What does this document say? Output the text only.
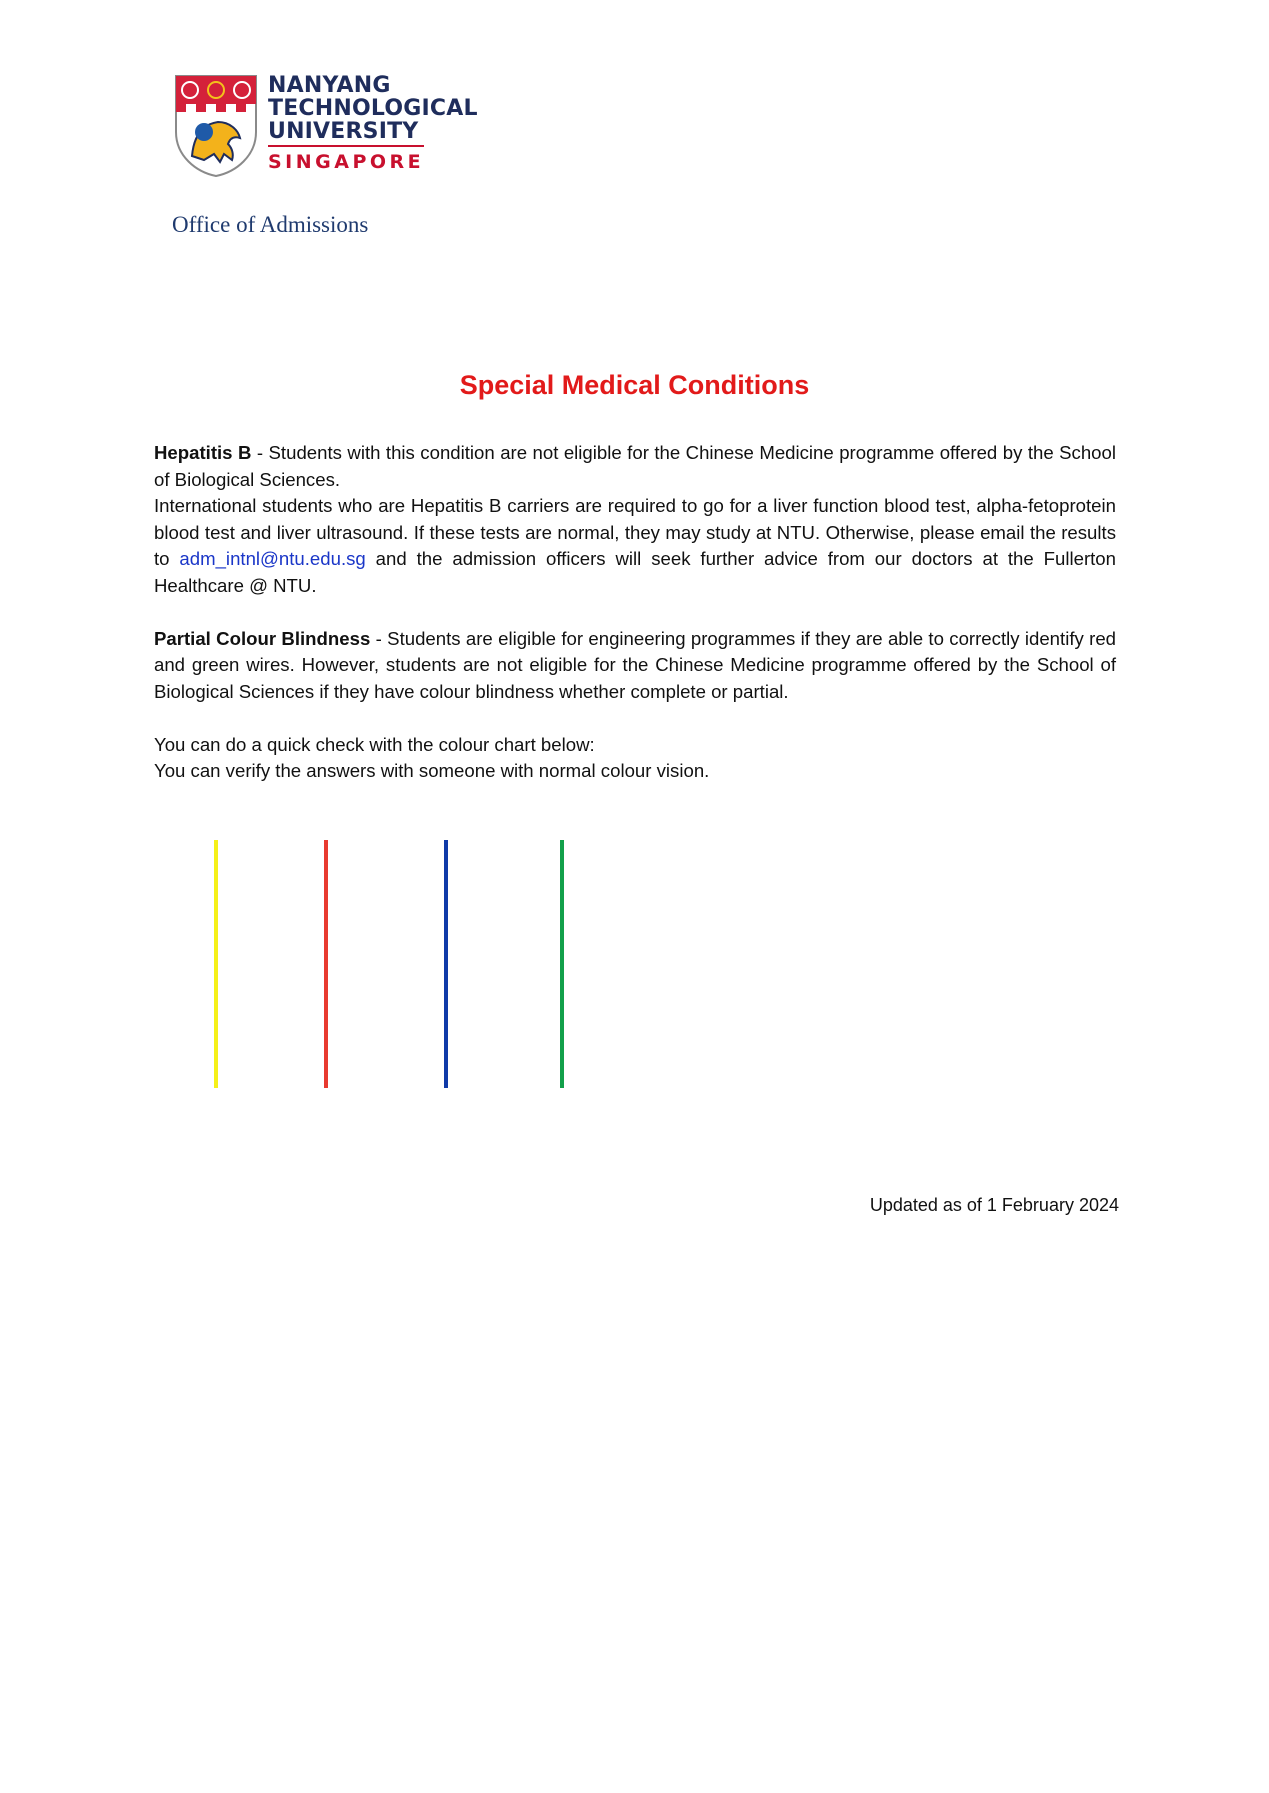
NANYANG
TECHNOLOGICAL
UNIVERSITY
SINGAPORE
Office of Admissions
Special Medical Conditions

Hepatitis B - Students with this condition are not eligible for the Chinese Medicine programme offered by the School of Biological Sciences.

International students who are Hepatitis B carriers are required to go for a liver function blood test, alpha-fetoprotein blood test and liver ultrasound. If these tests are normal, they may study at NTU. Otherwise, please email the results to adm_intnl@ntu.edu.sg and the admission officers will seek further advice from our doctors at the Fullerton Healthcare @ NTU.

Partial Colour Blindness - Students are eligible for engineering programmes if they are able to correctly identify red and green wires. However, students are not eligible for the Chinese Medicine programme offered by the School of Biological Sciences if they have colour blindness whether complete or partial.

You can do a quick check with the colour chart below:

You can verify the answers with someone with normal colour vision.

Updated as of 1 February 2024
